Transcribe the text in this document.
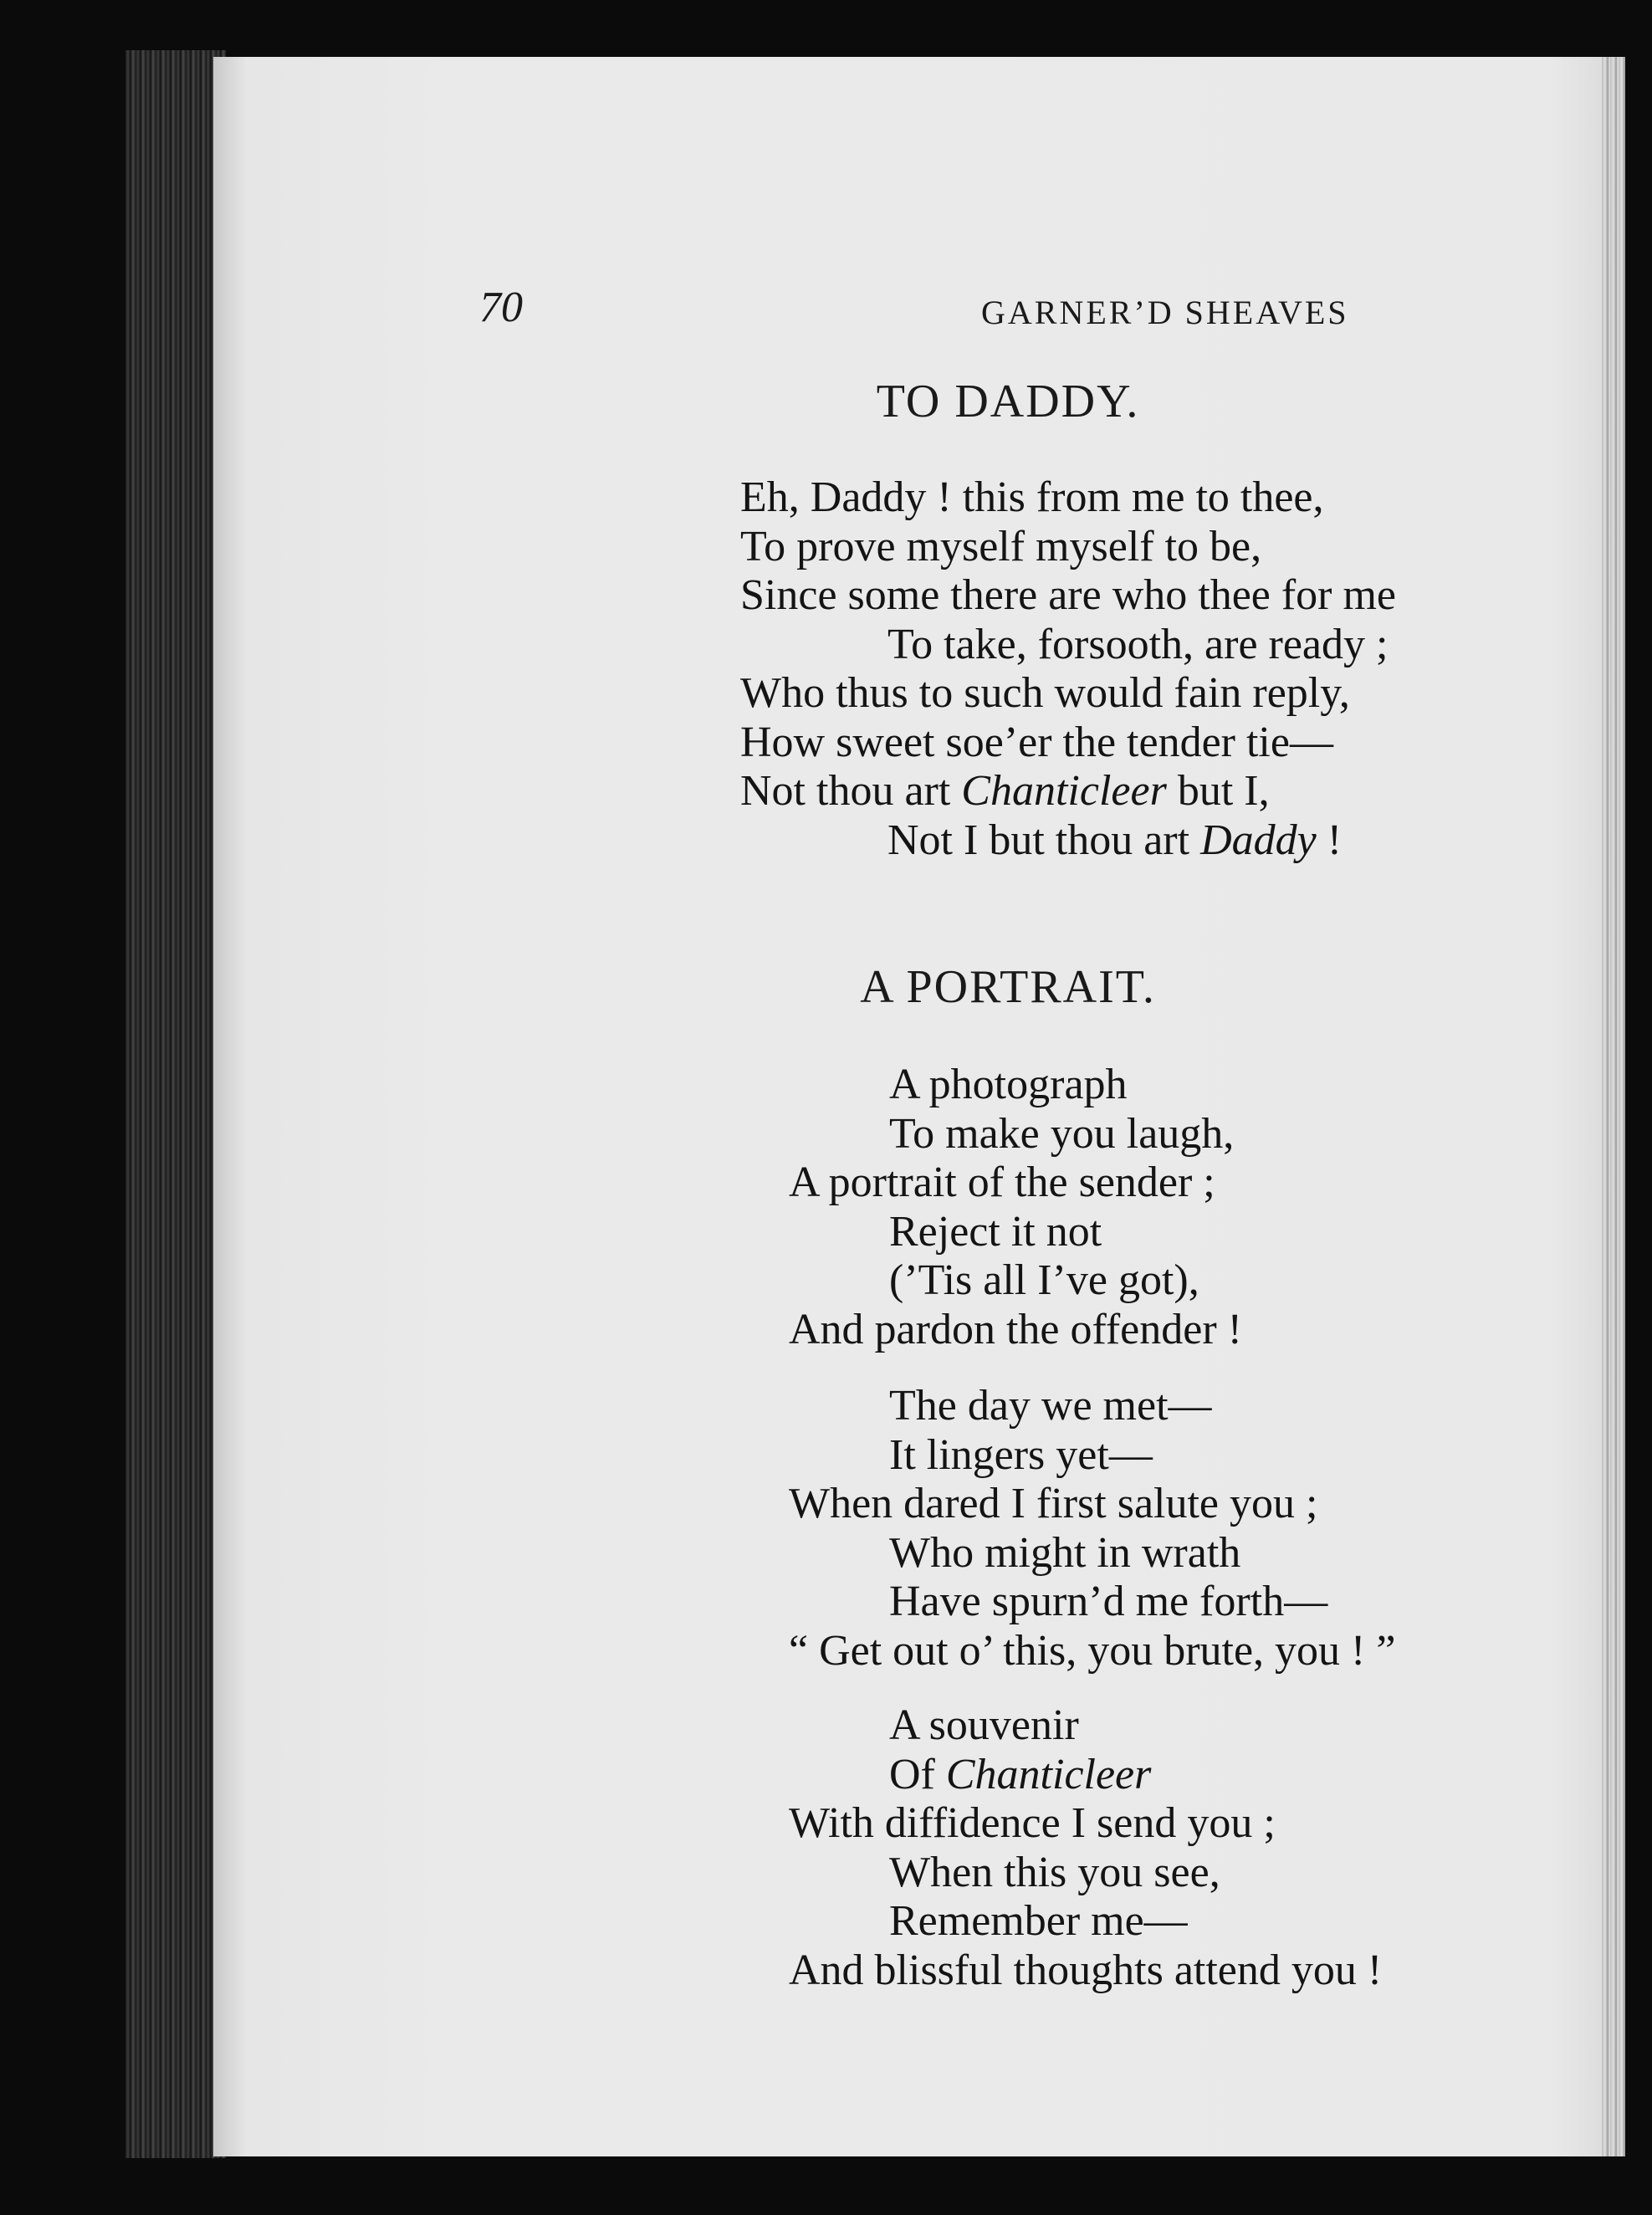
70	GARNER’D SHEAVES
TO DADDY.
Eh, Daddy ! this from me to thee,
To prove myself myself to be,
Since some there are who thee for me
To take, forsooth, are ready ;
Who thus to such would fain reply,
How sweet soe’er the tender tie—
Not thou art Chanticleer but I,
Not I but thou art Daddy !
A PORTRAIT.
A photograph
To make you laugh,
A portrait of the sender ;
Reject it not
(’Tis all I’ve got),
And pardon the offender !
The day we met—
It lingers yet—
When dared I first salute you ;
Who might in wrath
Have spurn’d me forth—
“ Get out o’ this, you brute, you ! ”
A souvenir
Of Chanticleer
With diffidence I send you ;
When this you see,
Remember me—
And blissful thoughts attend you !
